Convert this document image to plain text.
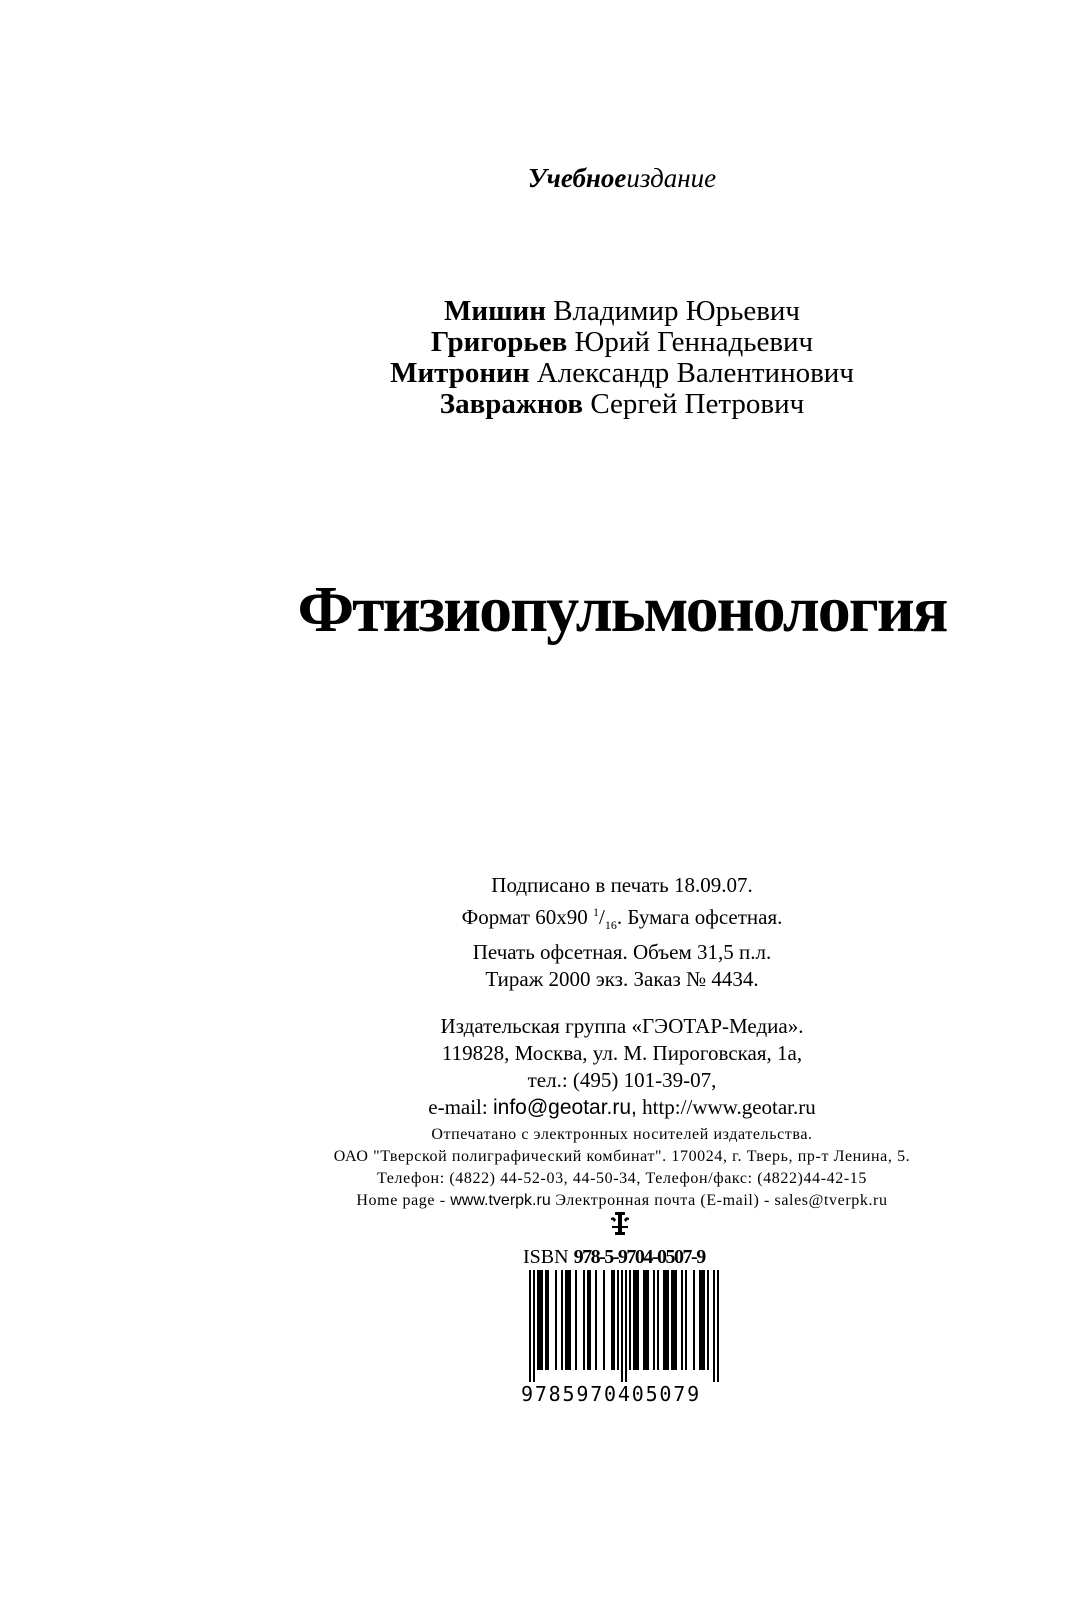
Учебноеиздание
Мишин Владимир Юрьевич
Григорьев Юрий Геннадьевич
Митронин Александр Валентинович
Завражнов Сергей Петрович
Фтизиопульмонология
Подписано в печать 18.09.07.
Формат 60x90 $^1/_{16}$. Бумага офсетная.
Печать офсетная. Объем 31,5 п.л.
Тираж 2000 экз. Заказ № 4434.
Издательская группа «ГЭОТАР-Медиа».
119828, Москва, ул. М. Пироговская, 1а,
тел.: (495) 101-39-07,
e-mail: info@geotar.ru, http://www.geotar.ru
Отпечатано с электронных носителей издательства.
ОАО "Тверской полиграфический комбинат". 170024, г. Тверь, пр-т Ленина, 5.
Телефон: (4822) 44-52-03, 44-50-34, Телефон/факс: (4822)44-42-15
Home page - www.tverpk.ru Электронная почта (E-mail) - sales@tverpk.ru
ISBN 978-5-9704-0507-9
9785970405079
